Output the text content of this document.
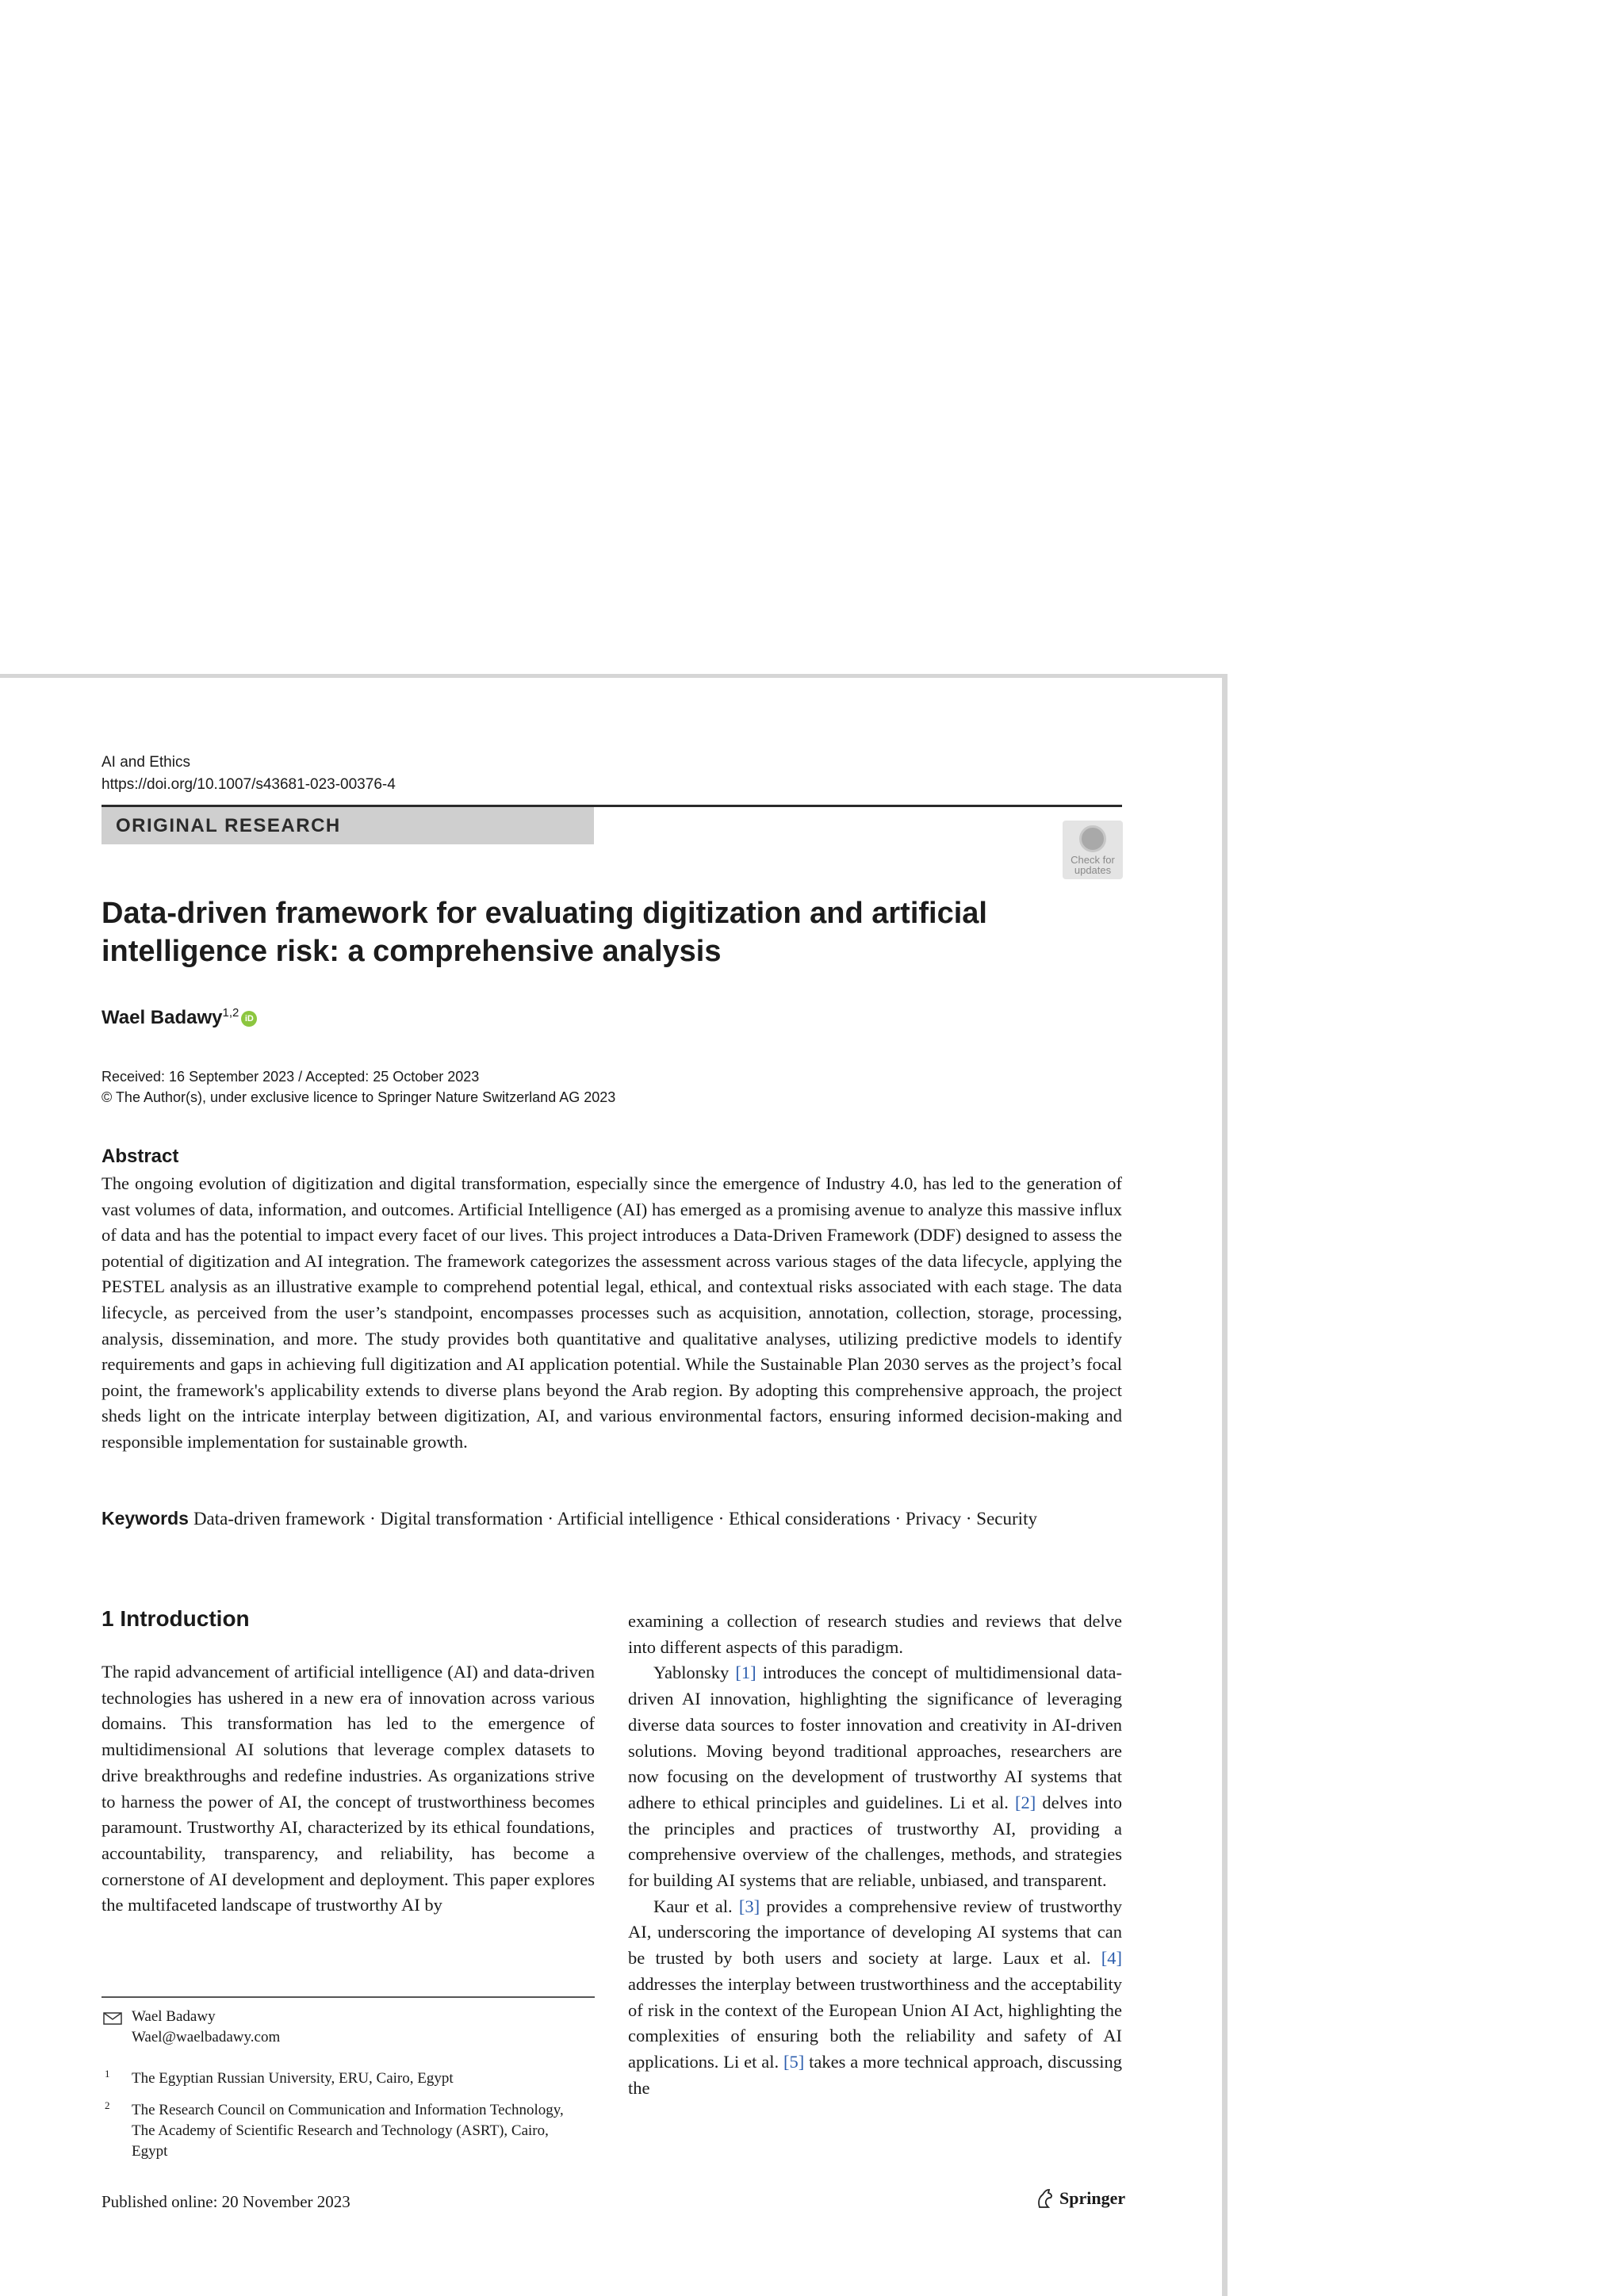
AI and Ethics
https://doi.org/10.1007/s43681-023-00376-4
ORIGINAL RESEARCH
Check for updates
Data-driven framework for evaluating digitization and artificial intelligence risk: a comprehensive analysis
Wael Badawy$^{1,2}$ iD
Received: 16 September 2023 / Accepted: 25 October 2023
© The Author(s), under exclusive licence to Springer Nature Switzerland AG 2023
Abstract

The ongoing evolution of digitization and digital transformation, especially since the emergence of Industry 4.0, has led to the generation of vast volumes of data, information, and outcomes. Artificial Intelligence (AI) has emerged as a promising avenue to analyze this massive influx of data and has the potential to impact every facet of our lives. This project introduces a Data-Driven Framework (DDF) designed to assess the potential of digitization and AI integration. The framework categorizes the assessment across various stages of the data lifecycle, applying the PESTEL analysis as an illustrative example to comprehend potential legal, ethical, and contextual risks associated with each stage. The data lifecycle, as perceived from the user’s standpoint, encompasses processes such as acquisition, annotation, collection, storage, processing, analysis, dissemination, and more. The study provides both quantitative and qualitative analyses, utilizing predictive models to identify requirements and gaps in achieving full digitization and AI application potential. While the Sustainable Plan 2030 serves as the project’s focal point, the framework's applicability extends to diverse plans beyond the Arab region. By adopting this comprehensive approach, the project sheds light on the intricate interplay between digitization, AI, and various environmental factors, ensuring informed decision-making and responsible implementation for sustainable growth.

Keywords Data-driven framework · Digital transformation · Artificial intelligence · Ethical considerations · Privacy · Security

1 Introduction

The rapid advancement of artificial intelligence (AI) and data-driven technologies has ushered in a new era of innovation across various domains. This transformation has led to the emergence of multidimensional AI solutions that leverage complex datasets to drive breakthroughs and redefine industries. As organizations strive to harness the power of AI, the concept of trustworthiness becomes paramount. Trustworthy AI, characterized by its ethical foundations, accountability, transparency, and reliability, has become a cornerstone of AI development and deployment. This paper explores the multifaceted landscape of trustworthy AI by

examining a collection of research studies and reviews that delve into different aspects of this paradigm.

Yablonsky [1] introduces the concept of multidimensional data-driven AI innovation, highlighting the significance of leveraging diverse data sources to foster innovation and creativity in AI-driven solutions. Moving beyond traditional approaches, researchers are now focusing on the development of trustworthy AI systems that adhere to ethical principles and guidelines. Li et al. [2] delves into the principles and practices of trustworthy AI, providing a comprehensive overview of the challenges, methods, and strategies for building AI systems that are reliable, unbiased, and transparent.

Kaur et al. [3] provides a comprehensive review of trustworthy AI, underscoring the importance of developing AI systems that can be trusted by both users and society at large. Laux et al. [4] addresses the interplay between trustworthiness and the acceptability of risk in the context of the European Union AI Act, highlighting the complexities of ensuring both the reliability and safety of AI applications. Li et al. [5] takes a more technical approach, discussing the

Wael Badawy
Wael@waelbadawy.com
1 The Egyptian Russian University, ERU, Cairo, Egypt
2 The Research Council on Communication and Information Technology, The Academy of Scientific Research and Technology (ASRT), Cairo, Egypt
Published online: 20 November 2023	Springer
